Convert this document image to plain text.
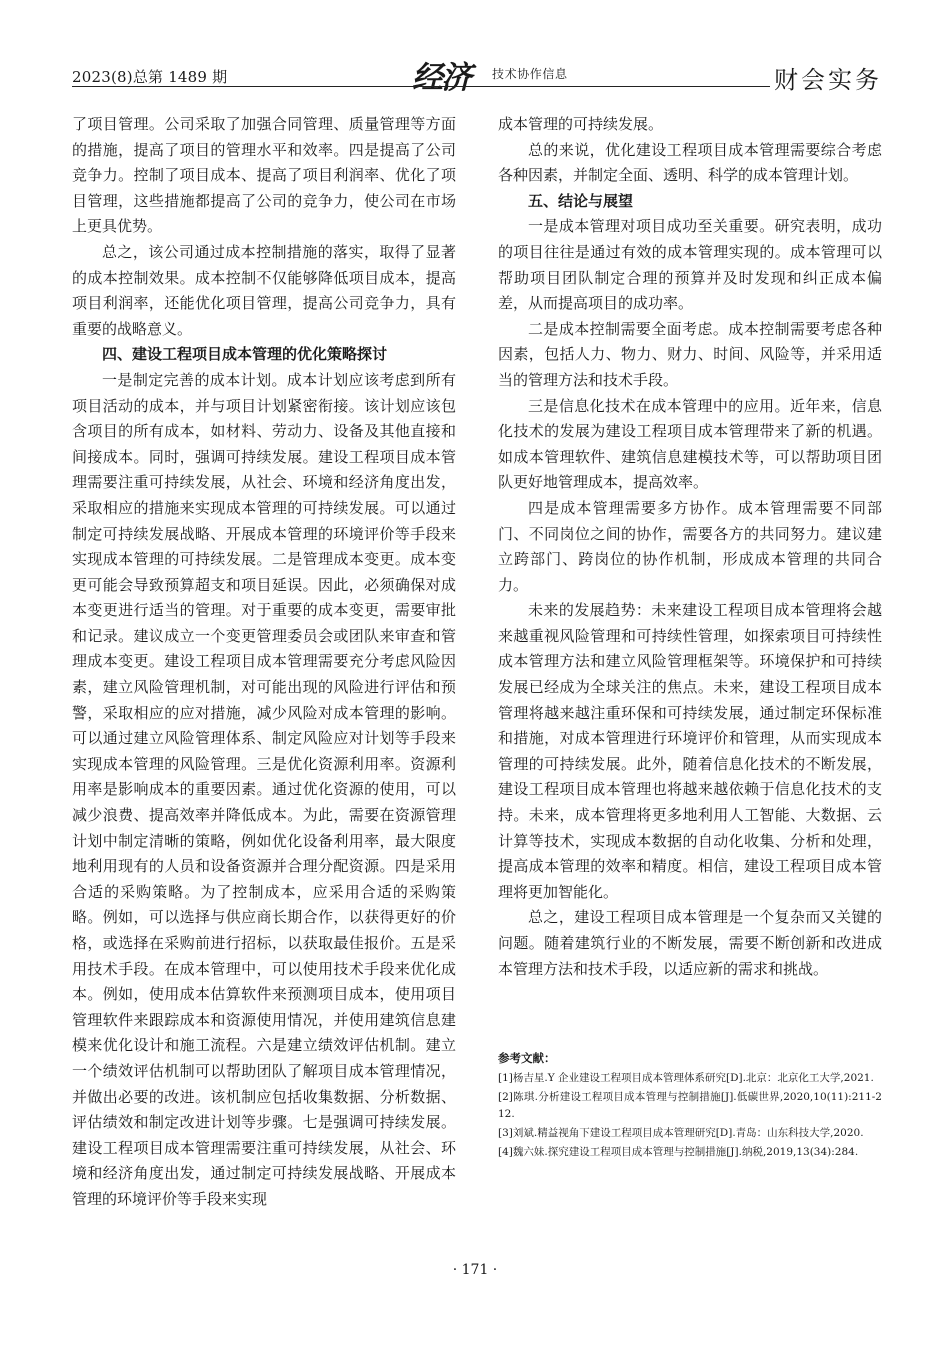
2023(8)总第 1489 期	经济 技术协作信息	财会实务

了项目管理。公司采取了加强合同管理、质量管理等方面的措施，提高了项目的管理水平和效率。四是提高了公司竞争力。控制了项目成本、提高了项目利润率、优化了项目管理，这些措施都提高了公司的竞争力，使公司在市场上更具优势。

总之，该公司通过成本控制措施的落实，取得了显著的成本控制效果。成本控制不仅能够降低项目成本，提高项目利润率，还能优化项目管理，提高公司竞争力，具有重要的战略意义。

四、建设工程项目成本管理的优化策略探讨

一是制定完善的成本计划。成本计划应该考虑到所有项目活动的成本，并与项目计划紧密衔接。该计划应该包含项目的所有成本，如材料、劳动力、设备及其他直接和间接成本。同时，强调可持续发展。建设工程项目成本管理需要注重可持续发展，从社会、环境和经济角度出发，采取相应的措施来实现成本管理的可持续发展。可以通过制定可持续发展战略、开展成本管理的环境评价等手段来实现成本管理的可持续发展。二是管理成本变更。成本变更可能会导致预算超支和项目延误。因此，必须确保对成本变更进行适当的管理。对于重要的成本变更，需要审批和记录。建议成立一个变更管理委员会或团队来审查和管理成本变更。建设工程项目成本管理需要充分考虑风险因素，建立风险管理机制，对可能出现的风险进行评估和预警，采取相应的应对措施，减少风险对成本管理的影响。可以通过建立风险管理体系、制定风险应对计划等手段来实现成本管理的风险管理。三是优化资源利用率。资源利用率是影响成本的重要因素。通过优化资源的使用，可以减少浪费、提高效率并降低成本。为此，需要在资源管理计划中制定清晰的策略，例如优化设备利用率，最大限度地利用现有的人员和设备资源并合理分配资源。四是采用合适的采购策略。为了控制成本，应采用合适的采购策略。例如，可以选择与供应商长期合作，以获得更好的价格，或选择在采购前进行招标，以获取最佳报价。五是采用技术手段。在成本管理中，可以使用技术手段来优化成本。例如，使用成本估算软件来预测项目成本，使用项目管理软件来跟踪成本和资源使用情况，并使用建筑信息建模来优化设计和施工流程。六是建立绩效评估机制。建立一个绩效评估机制可以帮助团队了解项目成本管理情况，并做出必要的改进。该机制应包括收集数据、分析数据、评估绩效和制定改进计划等步骤。七是强调可持续发展。建设工程项目成本管理需要注重可持续发展，从社会、环境和经济角度出发，通过制定可持续发展战略、开展成本管理的环境评价等手段来实现

成本管理的可持续发展。

总的来说，优化建设工程项目成本管理需要综合考虑各种因素，并制定全面、透明、科学的成本管理计划。

五、结论与展望

一是成本管理对项目成功至关重要。研究表明，成功的项目往往是通过有效的成本管理实现的。成本管理可以帮助项目团队制定合理的预算并及时发现和纠正成本偏差，从而提高项目的成功率。

二是成本控制需要全面考虑。成本控制需要考虑各种因素，包括人力、物力、财力、时间、风险等，并采用适当的管理方法和技术手段。

三是信息化技术在成本管理中的应用。近年来，信息化技术的发展为建设工程项目成本管理带来了新的机遇。如成本管理软件、建筑信息建模技术等，可以帮助项目团队更好地管理成本，提高效率。

四是成本管理需要多方协作。成本管理需要不同部门、不同岗位之间的协作，需要各方的共同努力。建议建立跨部门、跨岗位的协作机制，形成成本管理的共同合力。

未来的发展趋势：未来建设工程项目成本管理将会越来越重视风险管理和可持续性管理，如探索项目可持续性成本管理方法和建立风险管理框架等。环境保护和可持续发展已经成为全球关注的焦点。未来，建设工程项目成本管理将越来越注重环保和可持续发展，通过制定环保标准和措施，对成本管理进行环境评价和管理，从而实现成本管理的可持续发展。此外，随着信息化技术的不断发展，建设工程项目成本管理也将越来越依赖于信息化技术的支持。未来，成本管理将更多地利用人工智能、大数据、云计算等技术，实现成本数据的自动化收集、分析和处理，提高成本管理的效率和精度。相信，建设工程项目成本管理将更加智能化。

总之，建设工程项目成本管理是一个复杂而又关键的问题。随着建筑行业的不断发展，需要不断创新和改进成本管理方法和技术手段，以适应新的需求和挑战。

参考文献：

[1]杨吉星.Y 企业建设工程项目成本管理体系研究[D].北京：北京化工大学,2021.

[2]陈琪.分析建设工程项目成本管理与控制措施[J].低碳世界,2020,10(11):211-212.

[3]刘斌.精益视角下建设工程项目成本管理研究[D].青岛：山东科技大学,2020.

[4]魏六妹.探究建设工程项目成本管理与控制措施[J].纳税,2019,13(34):284.

· 171 ·
